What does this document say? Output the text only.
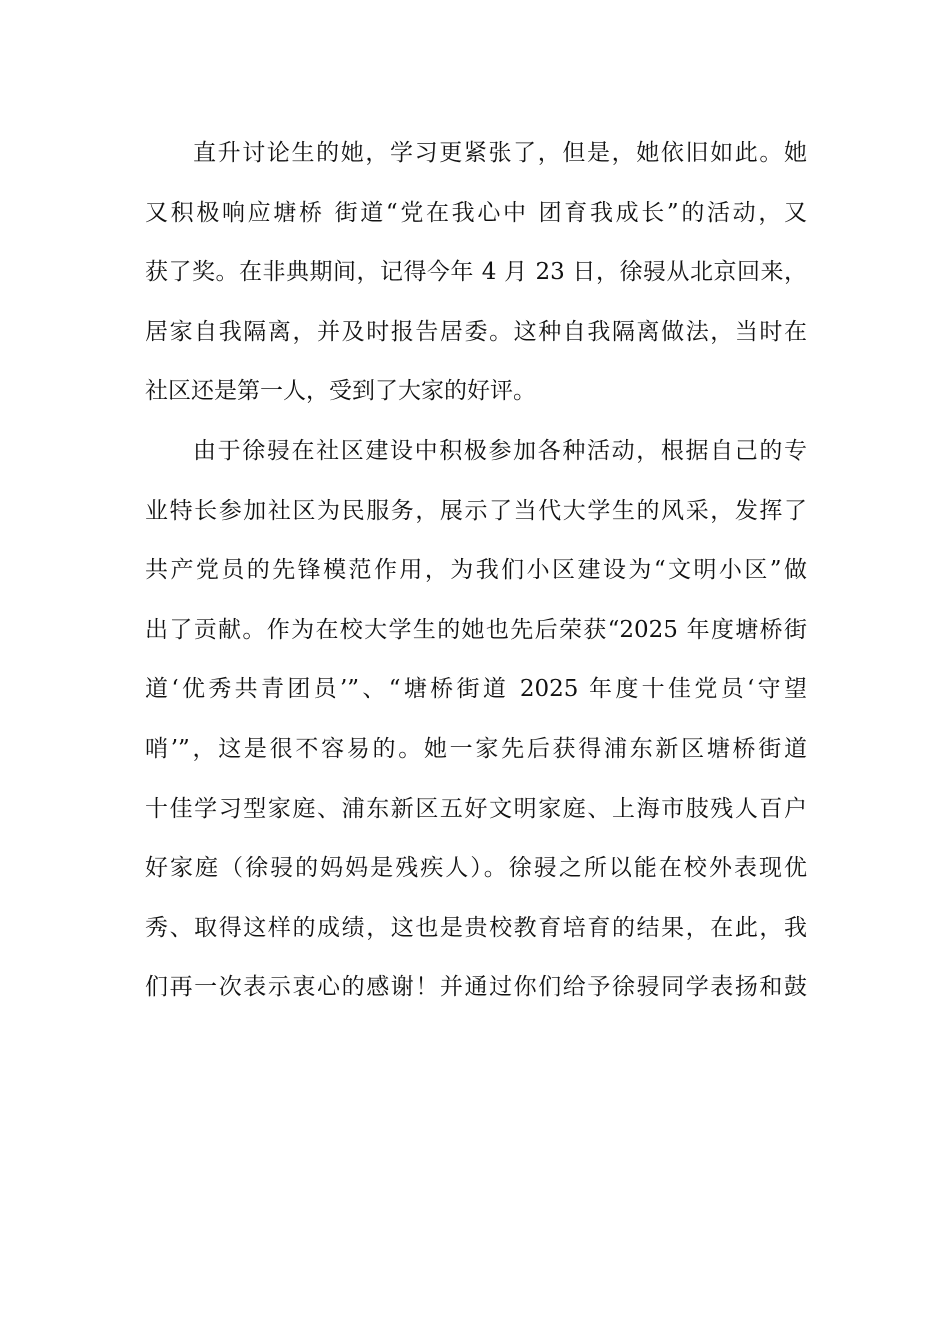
直升讨论生的她，学习更紧张了，但是，她依旧如此。她
又积极响应塘桥 街道“党在我心中 团育我成长”的活动，又
获了奖。在非典期间，记得今年 4 月 23 日，徐骎从北京回来，
居家自我隔离，并及时报告居委。这种自我隔离做法，当时在
社区还是第一人，受到了大家的好评。
由于徐骎在社区建设中积极参加各种活动，根据自己的专
业特长参加社区为民服务，展示了当代大学生的风采，发挥了
共产党员的先锋模范作用，为我们小区建设为“文明小区”做
出了贡献。作为在校大学生的她也先后荣获“2025 年度塘桥街
道‘优秀共青团员’”、“塘桥街道 2025 年度十佳党员‘守望
哨’”，这是很不容易的。她一家先后获得浦东新区塘桥街道
十佳学习型家庭、浦东新区五好文明家庭、上海市肢残人百户
好家庭（徐骎的妈妈是残疾人）。徐骎之所以能在校外表现优
秀、取得这样的成绩，这也是贵校教育培育的结果，在此，我
们再一次表示衷心的感谢！并通过你们给予徐骎同学表扬和鼓
